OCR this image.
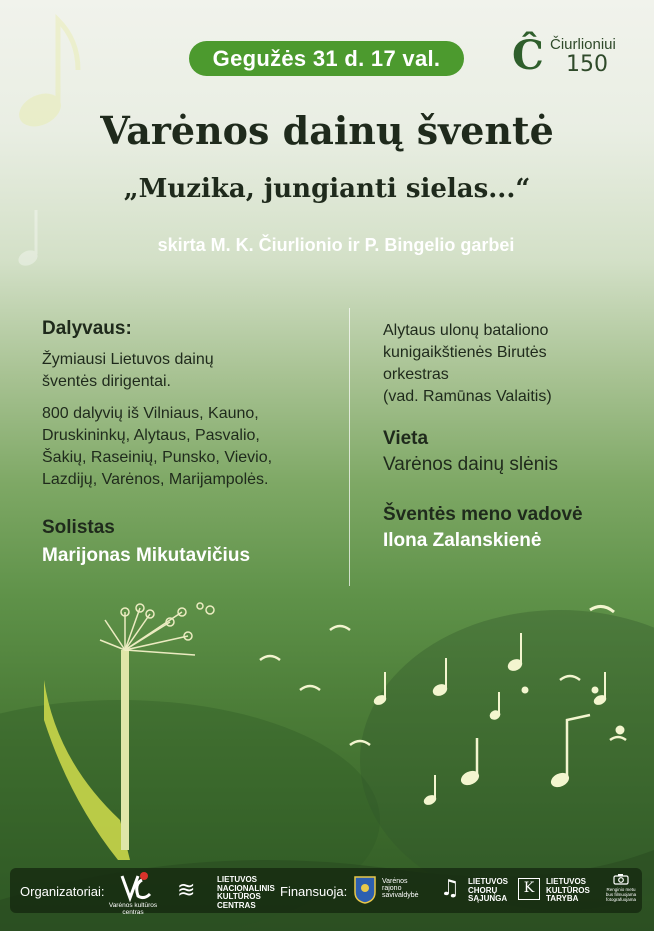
Gegužės 31 d. 17 val.	Ĉ Čiurlioniui
150
Varėnos dainų šventė
„Muzika, jungianti sielas...“
skirta M. K. Čiurlionio ir P. Bingelio garbei

Dalyvaus:

Žymiausi Lietuvos dainų

šventės dirigentai.

800 dalyvių iš Vilniaus, Kauno,

Druskininkų, Alytaus, Pasvalio,

Šakių, Raseinių, Punsko, Vievio,

Lazdijų, Varėnos, Marijampolės.

Solistas

Marijonas Mikutavičius

Alytaus ulonų bataliono

kunigaikštienės Birutės

orkestras

(vad. Ramūnas Valaitis)

Vieta

Varėnos dainų slėnis

Šventės meno vadovė

Ilona Zalanskienė

Organizatoriai:
Varėnos kultūros centras
≋	LIETUVOS
NACIONALINIS
KULTŪROS
CENTRAS
Finansuoja:
Varėnos
rajono
savivaldybė ♫ LIETUVOS
CHORŲ
SĄJUNGA
K	LIETUVOS
KULTŪROS
TARYBA
Renginio metu
bus filmuojama
fotografuojama
